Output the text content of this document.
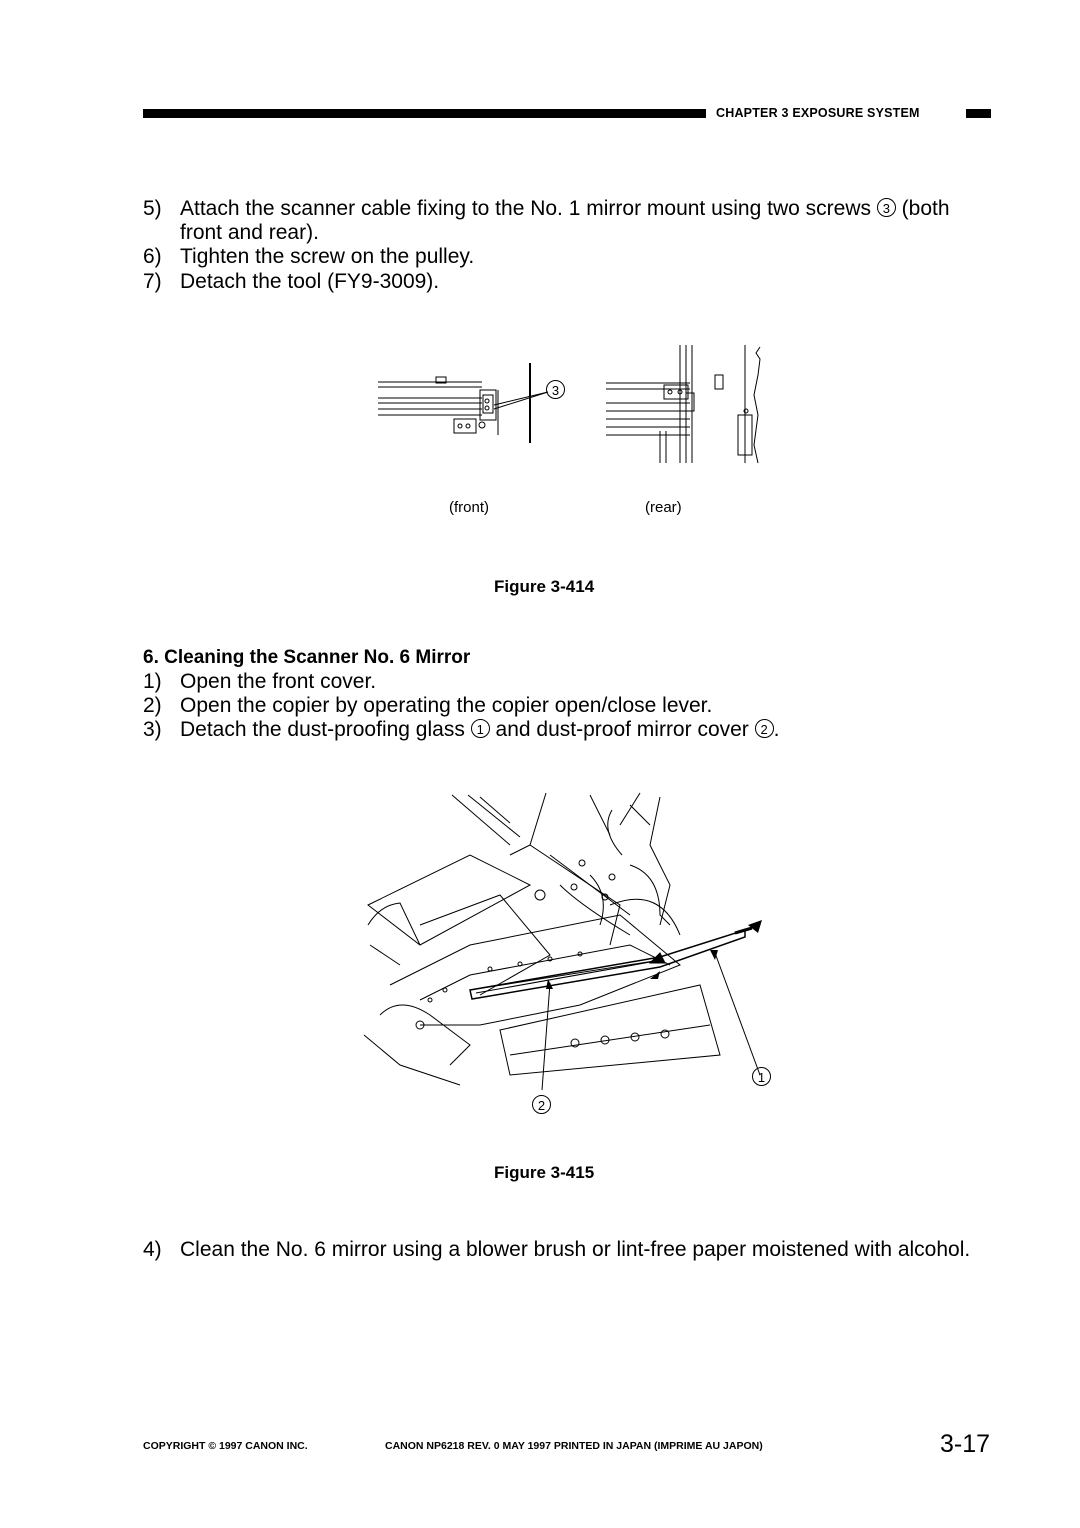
CHAPTER 3 EXPOSURE SYSTEM
5) Attach the scanner cable fixing to the No. 1 mirror mount using two screws 3 (both
front and rear).
6) Tighten the screw on the pulley.
7) Detach the tool (FY9-3009).
3
(front)	(rear)
Figure 3-414
6. Cleaning the Scanner No. 6 Mirror
1) Open the front cover.
2) Open the copier by operating the copier open/close lever.
3) Detach the dust-proofing glass 1 and dust-proof mirror cover 2 .
1
2
Figure 3-415
4) Clean the No. 6 mirror using a blower brush or lint-free paper moistened with alcohol.
COPYRIGHT © 1997 CANON INC.	CANON NP6218 REV. 0 MAY 1997 PRINTED IN JAPAN (IMPRIME AU JAPON)	3-17
